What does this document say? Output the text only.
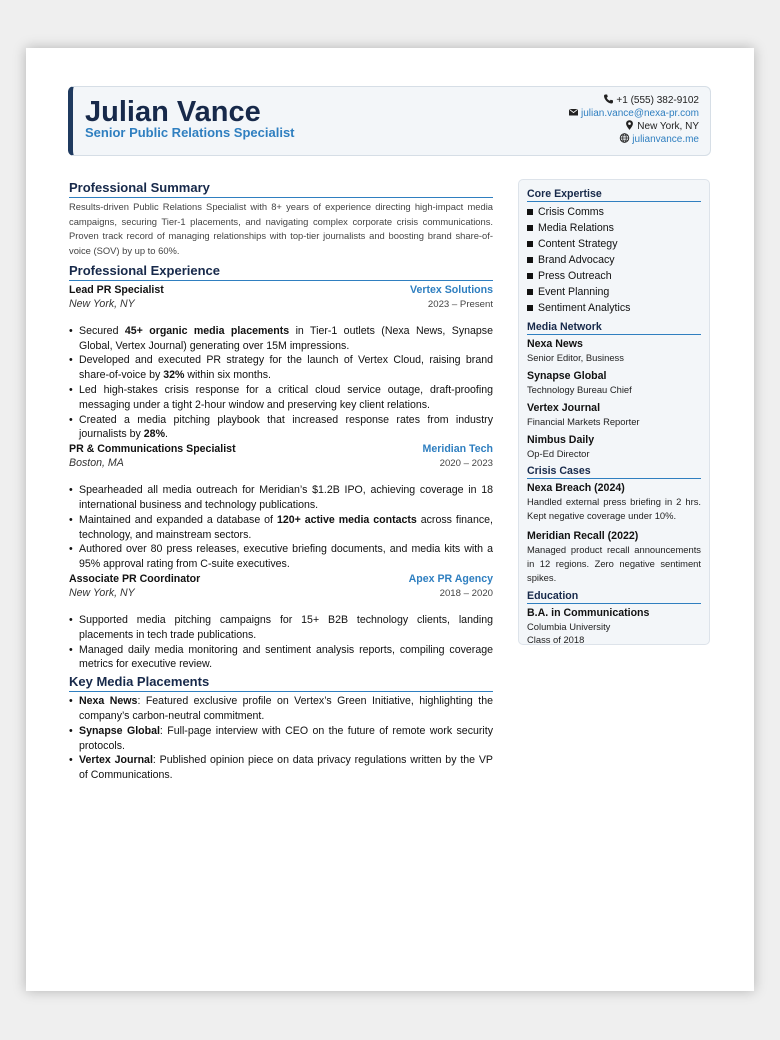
Julian Vance
Senior Public Relations Specialist
+1 (555) 382-9102
julian.vance@nexa-pr.com
New York, NY
julianvance.me
Professional Summary

Results-driven Public Relations Specialist with 8+ years of experience directing high-impact media campaigns, securing Tier-1 placements, and navigating complex corporate crisis communications. Proven track record of managing relationships with top-tier journalists and boosting brand share-of-voice (SOV) by up to 60%.

Professional Experience
Lead PR Specialist	Vertex Solutions
New York, NY	2023 – Present
• Secured 45+ organic media placements in Tier-1 outlets (Nexa News, Synapse Global, Vertex Journal) generating over 15M impressions.
• Developed and executed PR strategy for the launch of Vertex Cloud, raising brand share-of-voice by 32% within six months.
• Led high-stakes crisis response for a critical cloud service outage, draft-proofing messaging under a tight 2-hour window and preserving key client relations.
• Created a media pitching playbook that increased response rates from industry journalists by 28%.
PR & Communications Specialist	Meridian Tech
Boston, MA	2020 – 2023
• Spearheaded all media outreach for Meridian’s $1.2B IPO, achieving coverage in 18 international business and technology publications.
• Maintained and expanded a database of 120+ active media contacts across finance, technology, and mainstream sectors.
• Authored over 80 press releases, executive briefing documents, and media kits with a 95% approval rating from C-suite executives.
Associate PR Coordinator	Apex PR Agency
New York, NY	2018 – 2020
• Supported media pitching campaigns for 15+ B2B technology clients, landing placements in tech trade publications.
• Managed daily media monitoring and sentiment analysis reports, compiling coverage metrics for executive review.
Key Media Placements
• Nexa News: Featured exclusive profile on Vertex’s Green Initiative, highlighting the company’s carbon-neutral commitment.
• Synapse Global: Full-page interview with CEO on the future of remote work security protocols.
• Vertex Journal: Published opinion piece on data privacy regulations written by the VP of Communications.
Core Expertise
Crisis Comms
Media Relations
Content Strategy
Brand Advocacy
Press Outreach
Event Planning
Sentiment Analytics
Media Network
Nexa News
Senior Editor, Business
Synapse Global
Technology Bureau Chief
Vertex Journal
Financial Markets Reporter
Nimbus Daily
Op-Ed Director
Crisis Cases
Nexa Breach (2024)
Handled external press briefing in 2 hrs. Kept negative coverage under 10%.
Meridian Recall (2022)
Managed product recall announcements in 12 regions. Zero negative sentiment spikes.
Education
B.A. in Communications
Columbia University
Class of 2018
